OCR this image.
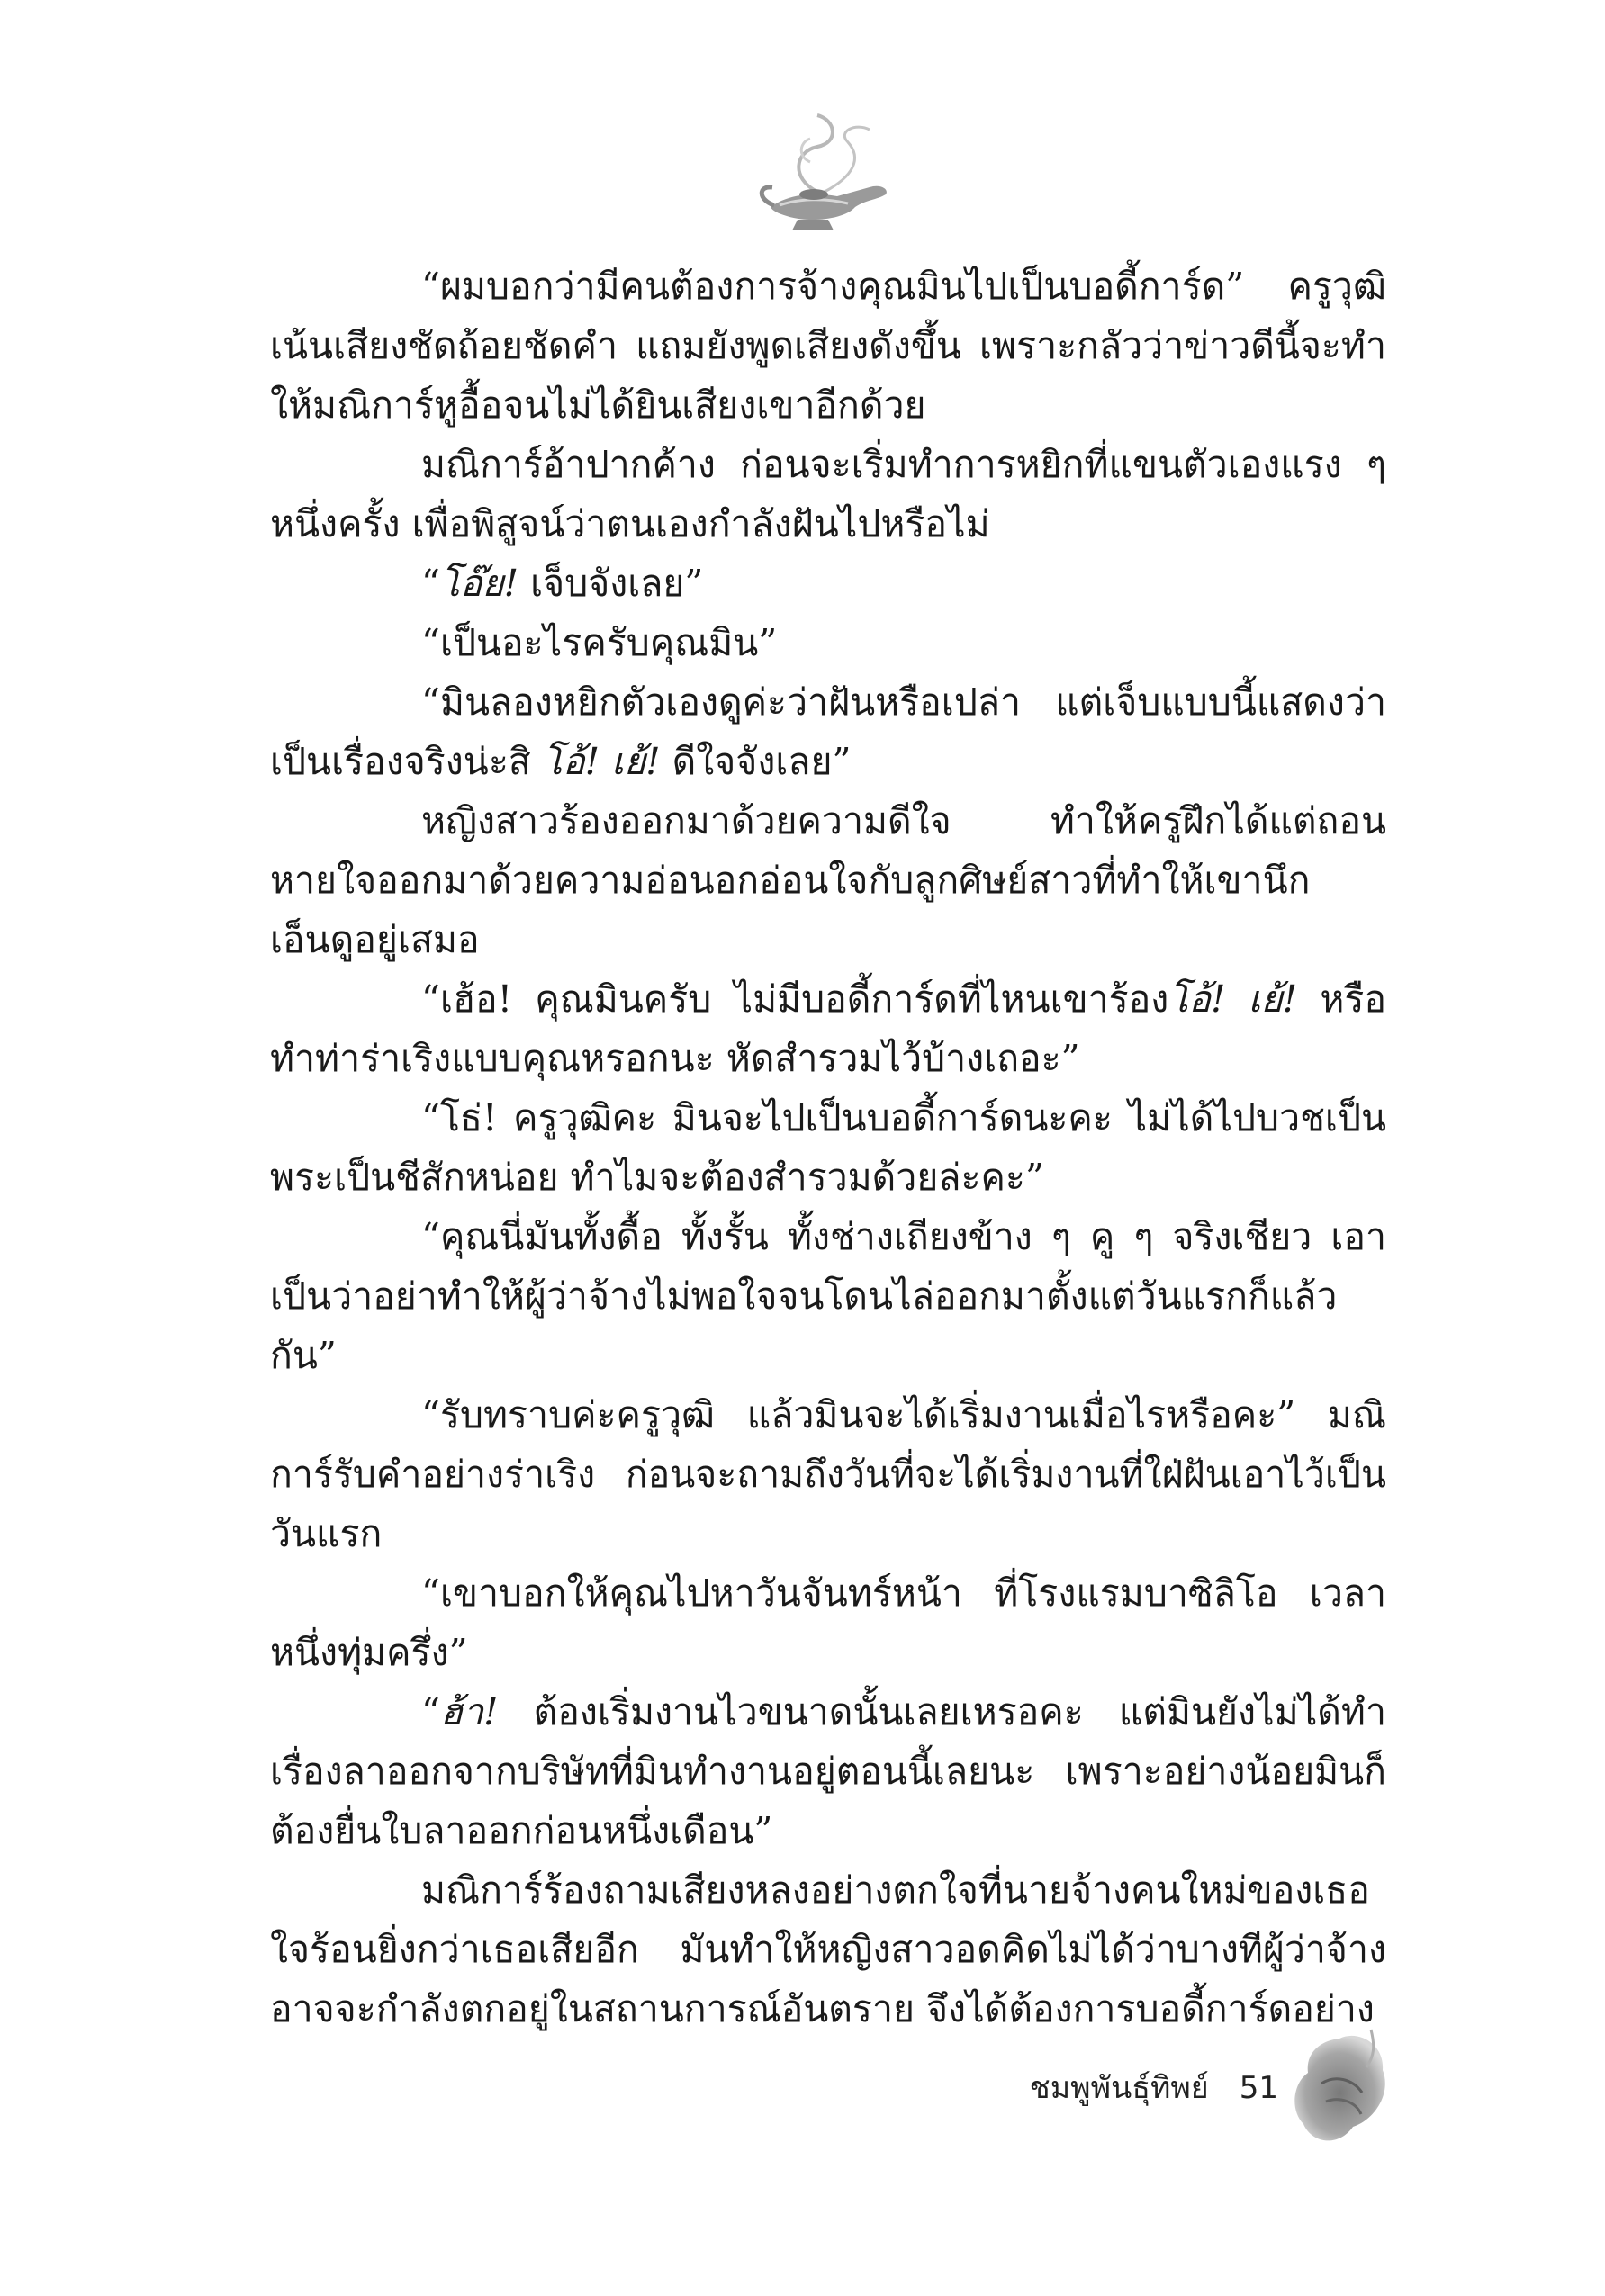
“ผมบอกว่ามีคนต้องการจ้างคุณมินไปเป็นบอดี้การ์ด” ครูวุฒิเน้นเสียงชัดถ้อยชัดคำ แถมยังพูดเสียงดังขึ้น เพราะกลัวว่าข่าวดีนี้จะทำให้มณิการ์หูอื้อจนไม่ได้ยินเสียงเขาอีกด้วย

มณิการ์อ้าปากค้าง ก่อนจะเริ่มทำการหยิกที่แขนตัวเองแรง ๆ หนึ่งครั้ง เพื่อพิสูจน์ว่าตนเองกำลังฝันไปหรือไม่

“โอ๊ย! เจ็บจังเลย”

“เป็นอะไรครับคุณมิน”

“มินลองหยิกตัวเองดูค่ะว่าฝันหรือเปล่า แต่เจ็บแบบนี้แสดงว่าเป็นเรื่องจริงน่ะสิ โอ้! เย้! ดีใจจังเลย”

หญิงสาวร้องออกมาด้วยความดีใจ ทำให้ครูฝึกได้แต่ถอนหายใจออกมาด้วยความอ่อนอกอ่อนใจกับลูกศิษย์สาวที่ทำให้เขานึกเอ็นดูอยู่เสมอ

“เฮ้อ! คุณมินครับ ไม่มีบอดี้การ์ดที่ไหนเขาร้องโอ้! เย้! หรือทำท่าร่าเริงแบบคุณหรอกนะ หัดสำรวมไว้บ้างเถอะ”

“โธ่! ครูวุฒิคะ มินจะไปเป็นบอดี้การ์ดนะคะ ไม่ได้ไปบวชเป็นพระเป็นชีสักหน่อย ทำไมจะต้องสำรวมด้วยล่ะคะ”

“คุณนี่มันทั้งดื้อ ทั้งรั้น ทั้งช่างเถียงข้าง ๆ คู ๆ จริงเชียว เอาเป็นว่าอย่าทำให้ผู้ว่าจ้างไม่พอใจจนโดนไล่ออกมาตั้งแต่วันแรกก็แล้วกัน”

“รับทราบค่ะครูวุฒิ แล้วมินจะได้เริ่มงานเมื่อไรหรือคะ” มณิการ์รับคำอย่างร่าเริง ก่อนจะถามถึงวันที่จะได้เริ่มงานที่ใฝ่ฝันเอาไว้เป็นวันแรก

“เขาบอกให้คุณไปหาวันจันทร์หน้า ที่โรงแรมบาซิลิโอ เวลาหนึ่งทุ่มครึ่ง”

“ฮ้า! ต้องเริ่มงานไวขนาดนั้นเลยเหรอคะ แต่มินยังไม่ได้ทำเรื่องลาออกจากบริษัทที่มินทำงานอยู่ตอนนี้เลยนะ เพราะอย่างน้อยมินก็ต้องยื่นใบลาออกก่อนหนึ่งเดือน”

มณิการ์ร้องถามเสียงหลงอย่างตกใจที่นายจ้างคนใหม่ของเธอใจร้อนยิ่งกว่าเธอเสียอีก มันทำให้หญิงสาวอดคิดไม่ได้ว่าบางทีผู้ว่าจ้างอาจจะกำลังตกอยู่ในสถานการณ์อันตราย จึงได้ต้องการบอดี้การ์ดอย่าง

ชมพูพันธุ์ทิพย์ 51
